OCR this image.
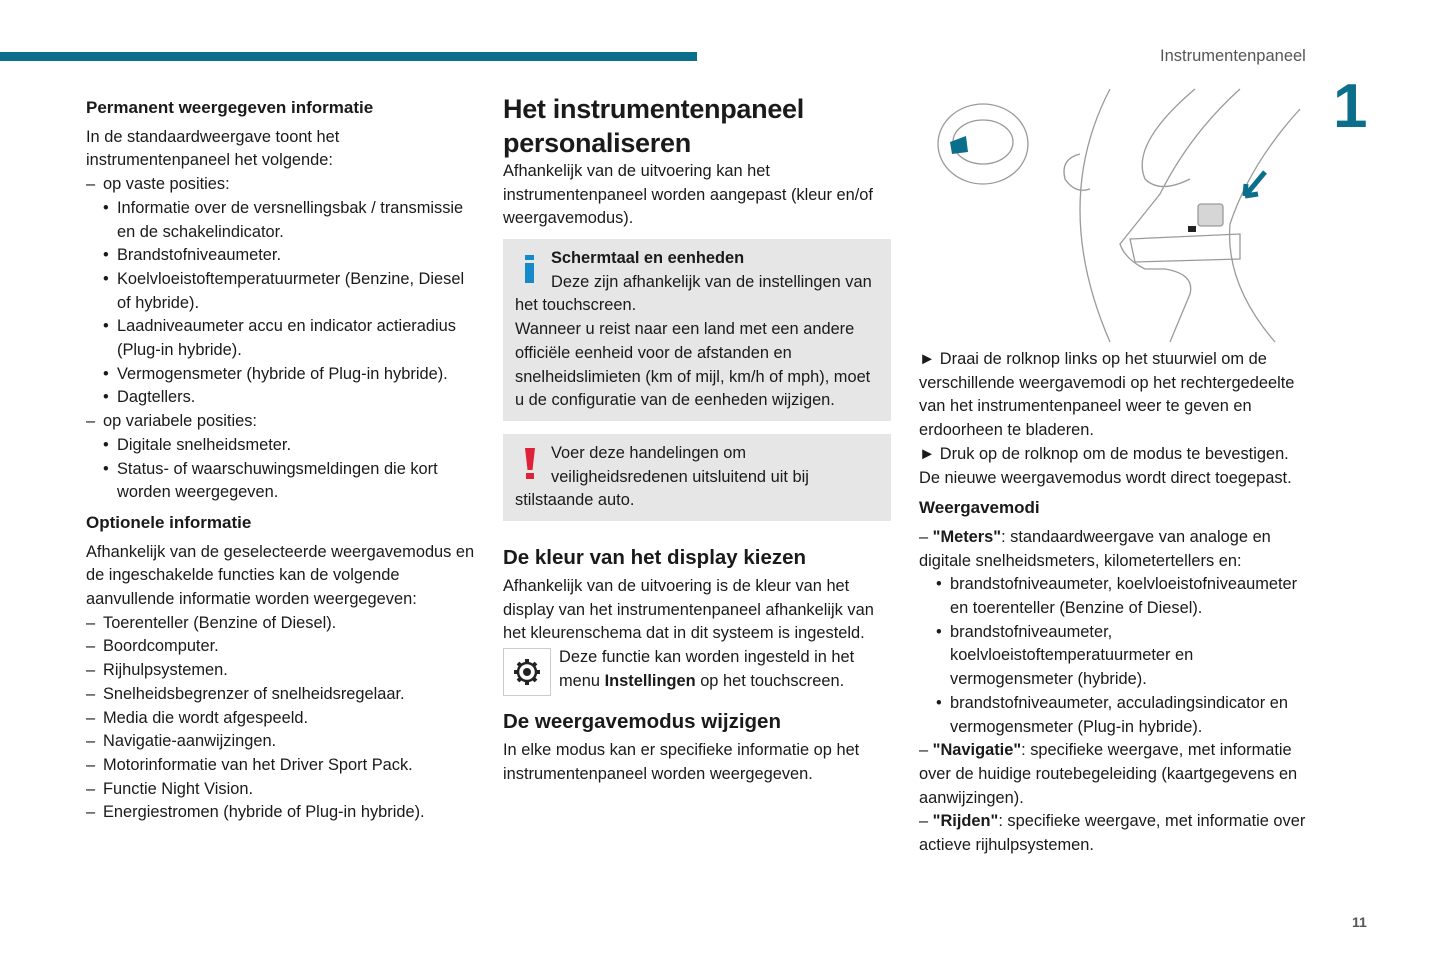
Instrumentenpaneel
1
11
Permanent weergegeven informatie
In de standaardweergave toont het instrumentenpaneel het volgende:
– op vaste posities:
• Informatie over de versnellingsbak / transmissie en de schakelindicator.
• Brandstofniveaumeter.
• Koelvloeistoftemperatuurmeter (Benzine, Diesel of hybride).
• Laadniveaumeter accu en indicator actieradius (Plug-in hybride).
• Vermogensmeter (hybride of Plug-in hybride).
• Dagtellers.
– op variabele posities:
• Digitale snelheidsmeter.
• Status- of waarschuwingsmeldingen die kort worden weergegeven.
Optionele informatie
Afhankelijk van de geselecteerde weergavemodus en de ingeschakelde functies kan de volgende aanvullende informatie worden weergegeven:
– Toerenteller (Benzine of Diesel).
– Boordcomputer.
– Rijhulpsystemen.
– Snelheidsbegrenzer of snelheidsregelaar.
– Media die wordt afgespeeld.
– Navigatie-aanwijzingen.
– Motorinformatie van het Driver Sport Pack.
– Functie Night Vision.
– Energiestromen (hybride of Plug-in hybride).
Het instrumentenpaneel personaliseren
Afhankelijk van de uitvoering kan het instrumentenpaneel worden aangepast (kleur en/of weergavemodus).
Schermtaal en eenheden
Deze zijn afhankelijk van de instellingen van het touchscreen.
Wanneer u reist naar een land met een andere officiële eenheid voor de afstanden en snelheidslimieten (km of mijl, km/h of mph), moet u de configuratie van de eenheden wijzigen.
Voer deze handelingen om veiligheidsredenen uitsluitend uit bij stilstaande auto.
De kleur van het display kiezen
Afhankelijk van de uitvoering is de kleur van het display van het instrumentenpaneel afhankelijk van het kleurenschema dat in dit systeem is ingesteld.
Deze functie kan worden ingesteld in het menu Instellingen op het touchscreen.
De weergavemodus wijzigen
In elke modus kan er specifieke informatie op het instrumentenpaneel worden weergegeven.
► Draai de rolknop links op het stuurwiel om de verschillende weergavemodi op het rechtergedeelte van het instrumentenpaneel weer te geven en erdoorheen te bladeren.
► Druk op de rolknop om de modus te bevestigen.
De nieuwe weergavemodus wordt direct toegepast.
Weergavemodi
– "Meters": standaardweergave van analoge en digitale snelheidsmeters, kilometertellers en:
• brandstofniveaumeter, koelvloeistofniveaumeter en toerenteller (Benzine of Diesel).
• brandstofniveaumeter, koelvloeistoftemperatuurmeter en vermogensmeter (hybride).
• brandstofniveaumeter, acculadingsindicator en vermogensmeter (Plug-in hybride).
– "Navigatie": specifieke weergave, met informatie over de huidige routebegeleiding (kaartgegevens en aanwijzingen).
– "Rijden": specifieke weergave, met informatie over actieve rijhulpsystemen.
